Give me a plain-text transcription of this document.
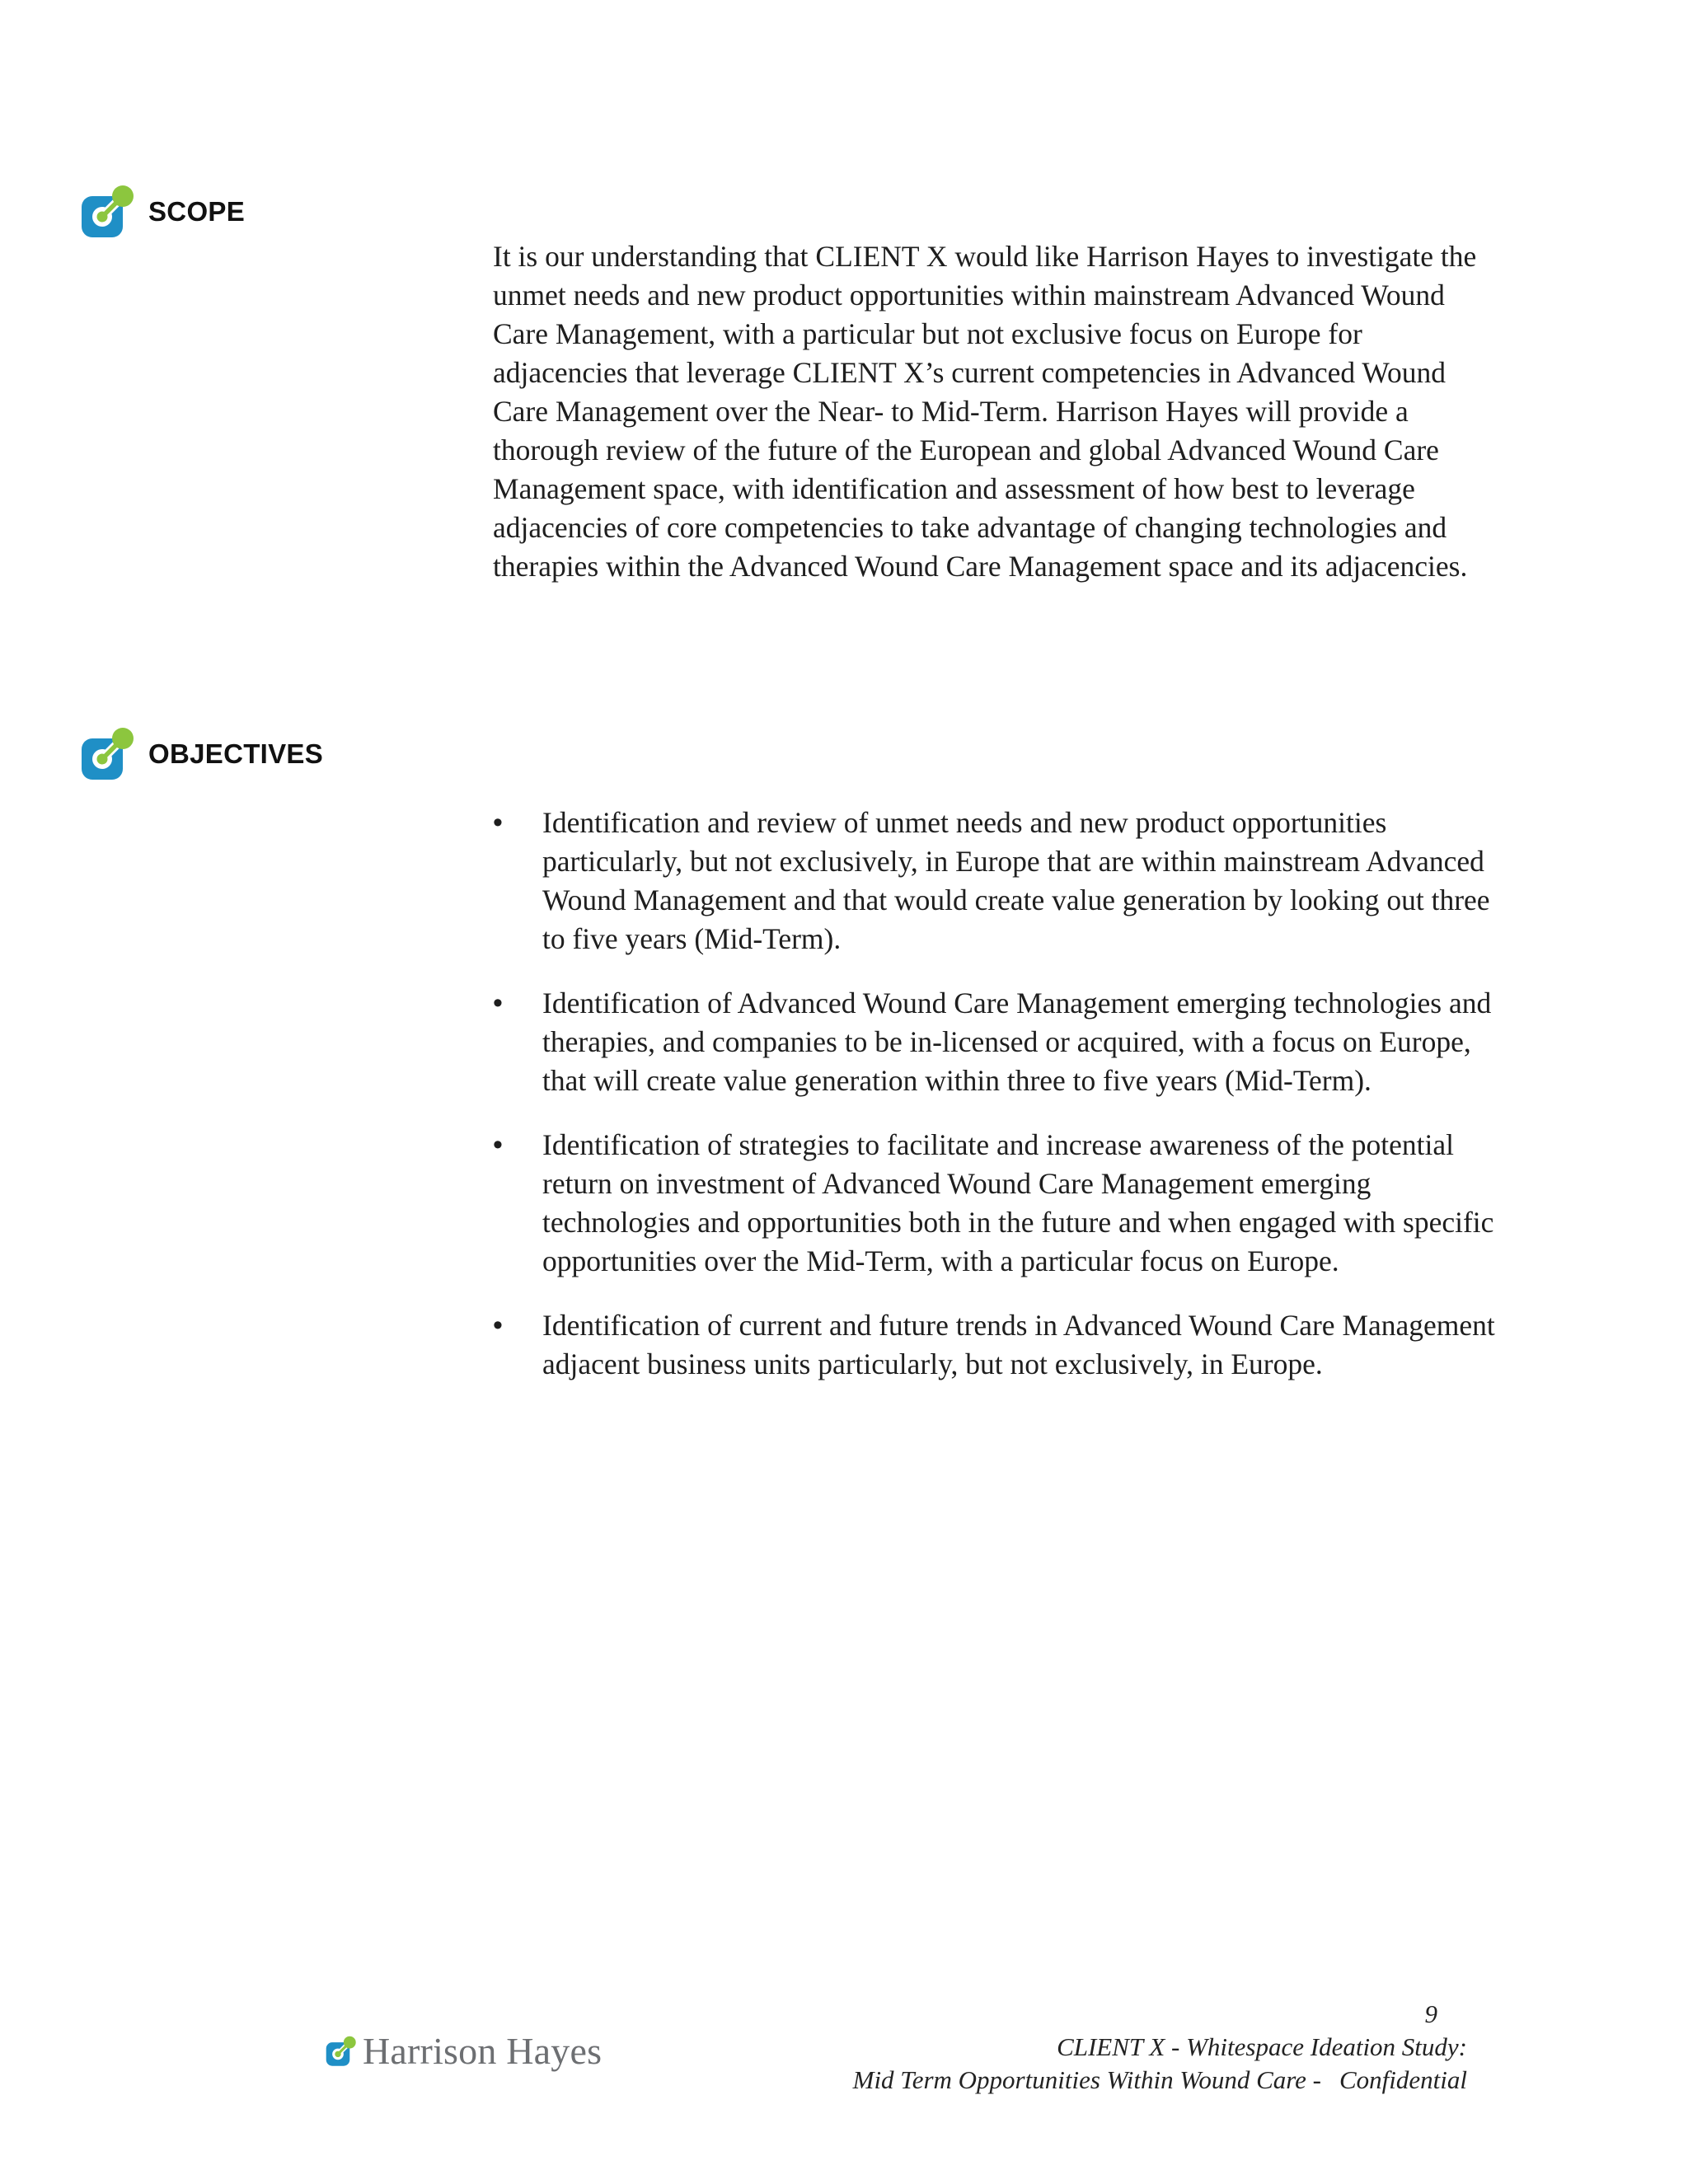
SCOPE

It is our understanding that CLIENT X would like Harrison Hayes to investigate the unmet needs and new product opportunities within mainstream Advanced Wound Care Management, with a particular but not exclusive focus on Europe for adjacencies that leverage CLIENT X’s current competencies in Advanced Wound Care Management over the Near- to Mid-Term. Harrison Hayes will provide a thorough review of the future of the European and global Advanced Wound Care Management space, with identification and assessment of how best to leverage adjacencies of core competencies to take advantage of changing technologies and therapies within the Advanced Wound Care Management space and its adjacencies.

OBJECTIVES
• Identification and review of unmet needs and new product opportunities particularly, but not exclusively, in Europe that are within mainstream Advanced Wound Management and that would create value generation by looking out three to five years (Mid-Term).
• Identification of Advanced Wound Care Management emerging technologies and therapies, and companies to be in-licensed or acquired, with a focus on Europe, that will create value generation within three to five years (Mid-Term).
• Identification of strategies to facilitate and increase awareness of the potential return on investment of Advanced Wound Care Management emerging technologies and opportunities both in the future and when engaged with specific opportunities over the Mid-Term, with a particular focus on Europe.
• Identification of current and future trends in Advanced Wound Care Management adjacent business units particularly, but not exclusively, in Europe.
Harrison Hayes
9
CLIENT X - Whitespace Ideation Study:
Mid Term Opportunities Within Wound Care - Confidential
